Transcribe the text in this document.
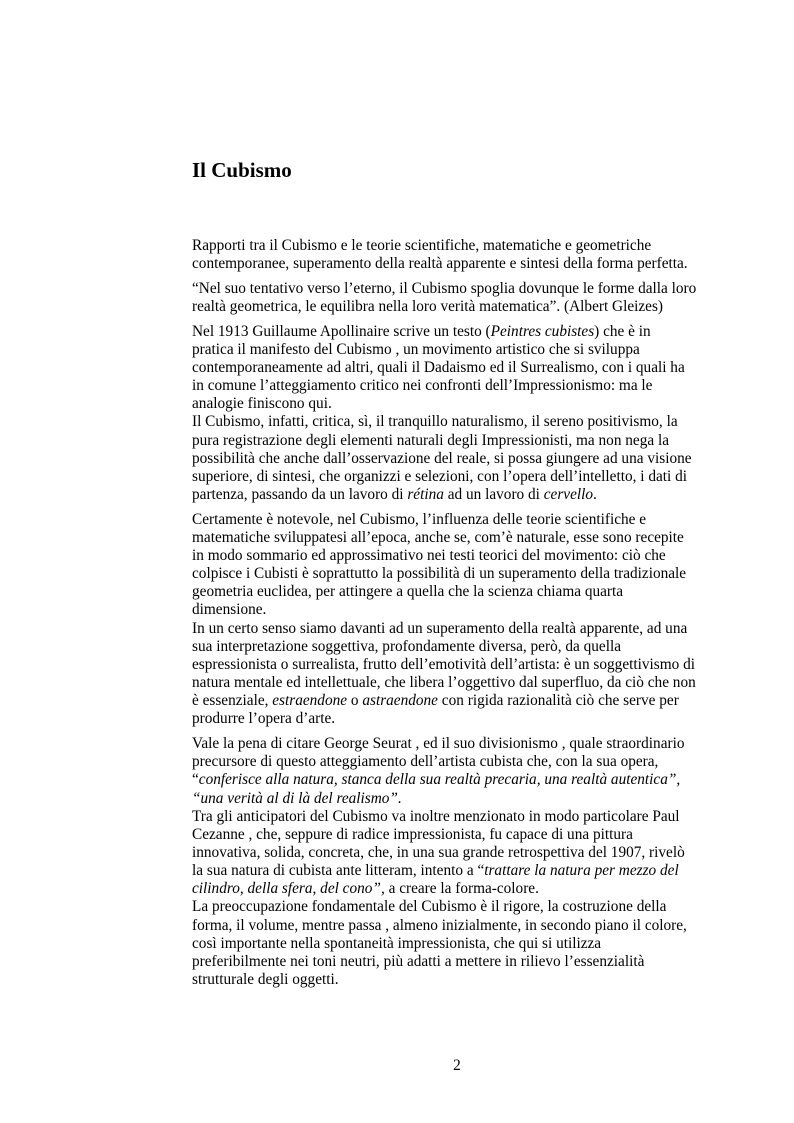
Il Cubismo

Rapporti tra il Cubismo e le teorie scientifiche, matematiche e geometriche
contemporanee, superamento della realtà apparente e sintesi della forma perfetta.

“Nel suo tentativo verso l’eterno, il Cubismo spoglia dovunque le forme dalla loro
realtà geometrica, le equilibra nella loro verità matematica”. (Albert Gleizes)

Nel 1913 Guillaume Apollinaire scrive un testo (Peintres cubistes) che è in
pratica il manifesto del Cubismo , un movimento artistico che si sviluppa
contemporaneamente ad altri, quali il Dadaismo ed il Surrealismo, con i quali ha
in comune l’atteggiamento critico nei confronti dell’Impressionismo: ma le
analogie finiscono qui.
Il Cubismo, infatti, critica, sì, il tranquillo naturalismo, il sereno positivismo, la
pura registrazione degli elementi naturali degli Impressionisti, ma non nega la
possibilità che anche dall’osservazione del reale, si possa giungere ad una visione
superiore, di sintesi, che organizzi e selezioni, con l’opera dell’intelletto, i dati di
partenza, passando da un lavoro di rétina ad un lavoro di cervello.

Certamente è notevole, nel Cubismo, l’influenza delle teorie scientifiche e
matematiche sviluppatesi all’epoca, anche se, com’è naturale, esse sono recepite
in modo sommario ed approssimativo nei testi teorici del movimento: ciò che
colpisce i Cubisti è soprattutto la possibilità di un superamento della tradizionale
geometria euclidea, per attingere a quella che la scienza chiama quarta
dimensione.
In un certo senso siamo davanti ad un superamento della realtà apparente, ad una
sua interpretazione soggettiva, profondamente diversa, però, da quella
espressionista o surrealista, frutto dell’emotività dell’artista: è un soggettivismo di
natura mentale ed intellettuale, che libera l’oggettivo dal superfluo, da ciò che non
è essenziale, estraendone o astraendone con rigida razionalità ciò che serve per
produrre l’opera d’arte.

Vale la pena di citare George Seurat , ed il suo divisionismo , quale straordinario
precursore di questo atteggiamento dell’artista cubista che, con la sua opera,
“conferisce alla natura, stanca della sua realtà precaria, una realtà autentica”,
“una verità al di là del realismo”.
Tra gli anticipatori del Cubismo va inoltre menzionato in modo particolare Paul
Cezanne , che, seppure di radice impressionista, fu capace di una pittura
innovativa, solida, concreta, che, in una sua grande retrospettiva del 1907, rivelò
la sua natura di cubista ante litteram, intento a “trattare la natura per mezzo del
cilindro, della sfera, del cono”, a creare la forma-colore.
La preoccupazione fondamentale del Cubismo è il rigore, la costruzione della
forma, il volume, mentre passa , almeno inizialmente, in secondo piano il colore,
così importante nella spontaneità impressionista, che qui si utilizza
preferibilmente nei toni neutri, più adatti a mettere in rilievo l’essenzialità
strutturale degli oggetti.

2
